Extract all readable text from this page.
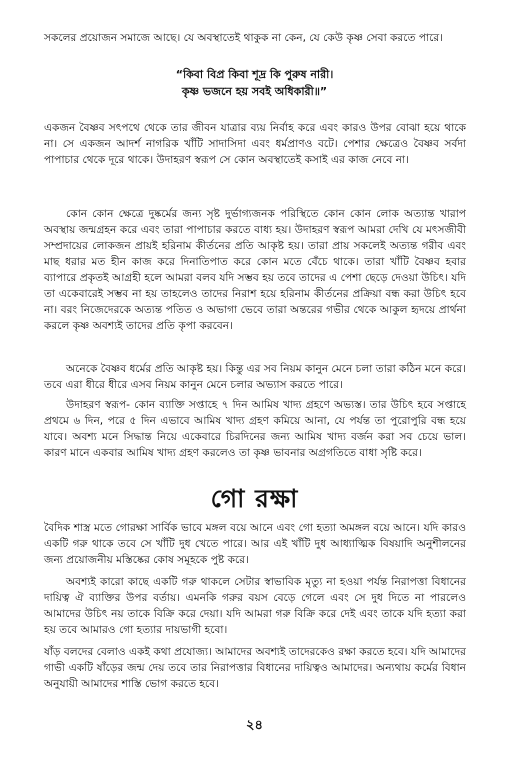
সকলের প্রয়োজন সমাজে আছে। যে অবস্থাতেই থাকুক না কেন, যে কেউ কৃষ্ণ সেবা করতে পারে।

“কিবা বিপ্র কিবা শূদ্র কি পুরুষ নারী।
কৃষ্ণ ভজনে হয় সবই অধিকারী॥”

একজন বৈষ্ণব সৎপথে থেকে তার জীবন যাত্রার ব্যয় নির্বাহ করে এবং কারও উপর বোঝা হয়ে থাকে না। সে একজন আদর্শ নাগরিক খাঁটি সাদাসিদা এবং ধর্মপ্রাণও বটে। পেশার ক্ষেত্রেও বৈষ্ণব সর্বদা পাপাচার থেকে দূরে থাকে। উদাহরণ স্বরূপ সে কোন অবস্থাতেই কসাই এর কাজ নেবে না।

কোন কোন ক্ষেত্রে দুষ্কর্মের জন্য সৃষ্ট দুর্ভাগ্যজনক পরিস্থিতে কোন কোন লোক অত্যান্ত খারাপ অবস্থায় জন্মগ্রহন করে এবং তারা পাপাচার করতে বাধ্য হয়। উদাহরণ স্বরূপ আমরা দেখি যে মৎসজীবী সম্প্রদায়ের লোকজন প্রায়ই হরিনাম কীর্তনের প্রতি আকৃষ্ট হয়। তারা প্রায় সকলেই অত্যন্ত গরীব এবং মাছ ধরার মত হীন কাজ করে দিনাতিপাত করে কোন মতে বেঁচে থাকে। তারা খাঁটি বৈষ্ণব হবার ব্যাপারে প্রকৃতই আগ্রহী হলে আমরা বলব যদি সম্ভব হয় তবে তাদের এ পেশা ছেড়ে দেওয়া উচিৎ। যদি তা একেবারেই সম্ভব না হয় তাহলেও তাদের নিরাশ হয়ে হরিনাম কীর্তনের প্রক্রিয়া বন্ধ করা উচিৎ হবে না। বরং নিজেদেরকে অত্যন্ত পতিত ও অভাগা ভেবে তারা অন্তরের গভীর থেকে আকুল হৃদয়ে প্রার্থনা করলে কৃষ্ণ অবশ্যই তাদের প্রতি কৃপা করবেন।

অনেকে বৈষ্ণব ধর্মের প্রতি আকৃষ্ট হয়। কিন্তু এর সব নিয়ম কানুন মেনে চলা তারা কঠিন মনে করে। তবে এরা ধীরে ধীরে এসব নিয়ম কানুন মেনে চলার অভ্যাস করতে পারে।

উদাহরণ স্বরূপ- কোন ব্যাক্তি সপ্তাহে ৭ দিন আমিষ খাদ্য গ্রহণে অভ্যস্ত। তার উচিৎ হবে সপ্তাহে প্রথমে ৬ দিন, পরে ৫ দিন এভাবে আমিষ খাদ্য গ্রহণ কমিয়ে আনা, যে পর্যন্ত তা পুরোপুরি বন্ধ হয়ে যাবে। অবশ্য মনে সিদ্ধান্ত নিয়ে একেবারে চিরদিনের জন্য আমিষ খাদ্য বর্জন করা সব চেয়ে ভাল। কারণ মানে একবার আমিষ খাদ্য গ্রহণ করলেও তা কৃষ্ণ ভাবনার অগ্রগতিতে বাধা সৃষ্টি করে।

গো রক্ষা

বৈদিক শাস্ত্র মতে গোরক্ষা সার্বিক ভাবে মঙ্গল বয়ে আনে এবং গো হত্যা অমঙ্গল বয়ে আনে। যদি কারও একটি গরু থাকে তবে সে খাঁটি দুধ খেতে পারে। আর এই খাঁটি দুধ আধ্যাত্মিক বিষয়াদি অনুশীলনের জন্য প্রয়োজনীয় মস্তিষ্কের কোষ সমূহকে পুষ্ট করে।

অবশ্যই কারো কাছে একটি গরু থাকলে সেটার স্বাভাবিক মৃত্যু না হওয়া পর্যন্ত নিরাপত্তা বিধানের দায়িত্ব ঐ ব্যাক্তির উপর বর্তায়। এমনকি গরুর বয়স বেড়ে গেলে এবং সে দুধ দিতে না পারলেও আমাদের উচিৎ নয় তাকে বিক্রি করে দেয়া। যদি আমরা গরু বিক্রি করে দেই এবং তাকে যদি হত্যা করা হয় তবে আমারও গো হত্যার দায়ভাগী হবো।

ষাঁড় বলদের বেলাও একই কথা প্রযোজ্য। আমাদের অবশ্যই তাদেরকেও রক্ষা করতে হবে। যদি আমাদের গাভী একটি ষাঁড়ের জন্ম দেয় তবে তার নিরাপত্তার বিধানের দায়িত্বও আমাদের। অন্যথায় কর্মের বিধান অনুযায়ী আমাদের শাস্তি ভোগ করতে হবে।

২৪
